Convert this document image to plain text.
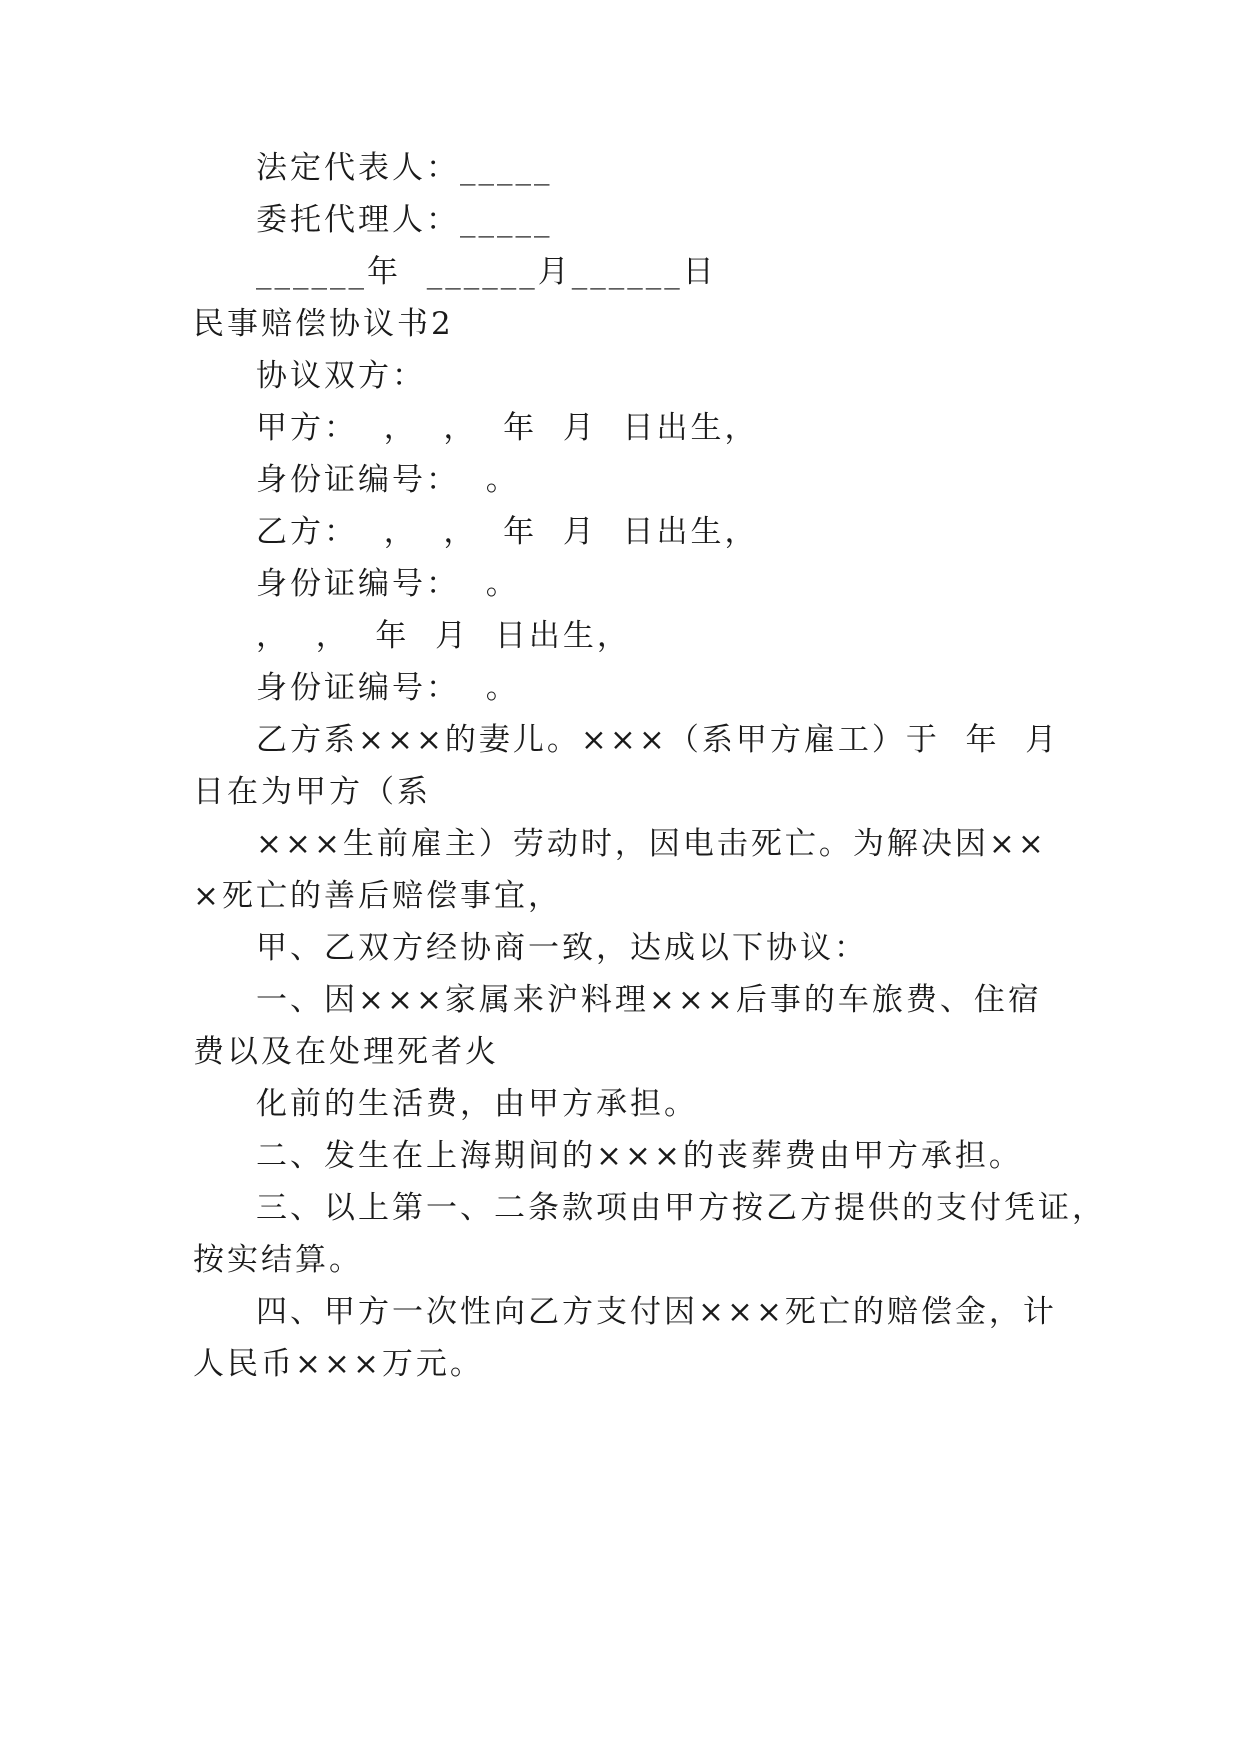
法定代表人：_____
委托代理人：_____
______年  ______月______日
民事赔偿协议书2
协议双方：
甲方：  ，  ，  年  月  日出生，
身份证编号：  。
乙方：  ，  ，  年  月  日出生，
身份证编号：  。
，  ，  年  月  日出生，
身份证编号：  。
乙方系×××的妻儿。×××（系甲方雇工）于  年  月
日在为甲方（系
×××生前雇主）劳动时，因电击死亡。为解决因××
×死亡的善后赔偿事宜，
甲、乙双方经协商一致，达成以下协议：
一、因×××家属来沪料理×××后事的车旅费、住宿
费以及在处理死者火
化前的生活费，由甲方承担。
二、发生在上海期间的×××的丧葬费由甲方承担。
三、以上第一、二条款项由甲方按乙方提供的支付凭证，
按实结算。
四、甲方一次性向乙方支付因×××死亡的赔偿金，计
人民币×××万元。
